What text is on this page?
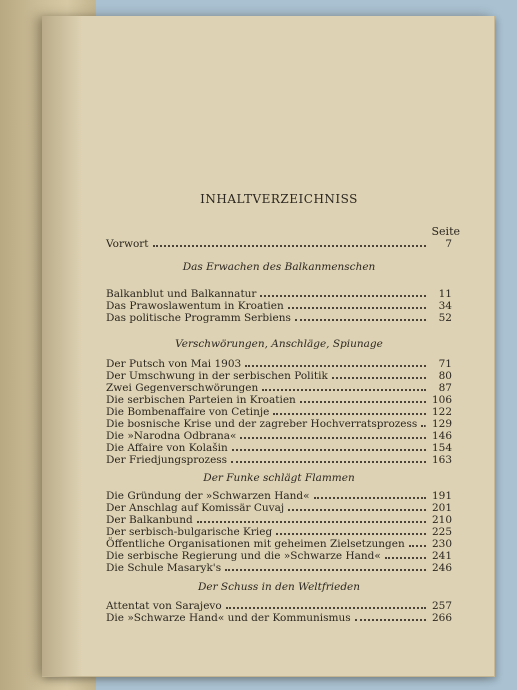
INHALTVERZEICHNISS
Seite
Vorwort	7
Das Erwachen des Balkanmenschen
Balkanblut und Balkannatur	11
Das Prawoslawentum in Kroatien	34
Das politische Programm Serbiens	52
Verschwörungen, Anschläge, Spiunage
Der Putsch von Mai 1903	71
Der Umschwung in der serbischen Politik	80
Zwei Gegenverschwörungen	87
Die serbischen Parteien in Kroatien	106
Die Bombenaffaire von Cetinje	122
Die bosnische Krise und der zagreber Hochverratsprozess 129
Die »Narodna Odbrana«	146
Die Affaire von Kolašin	154
Der Friedjungsprozess	163
Der Funke schlägt Flammen
Die Gründung der »Schwarzen Hand«	191
Der Anschlag auf Komissär Cuvaj	201
Der Balkanbund	210
Der serbisch-bulgarische Krieg	225
Öffentliche Organisationen mit geheimen Zielsetzungen	230
Die serbische Regierung und die »Schwarze Hand«	241
Die Schule Masaryk's	246
Der Schuss in den Weltfrieden
Attentat von Sarajevo	257
Die »Schwarze Hand« und der Kommunismus	266
